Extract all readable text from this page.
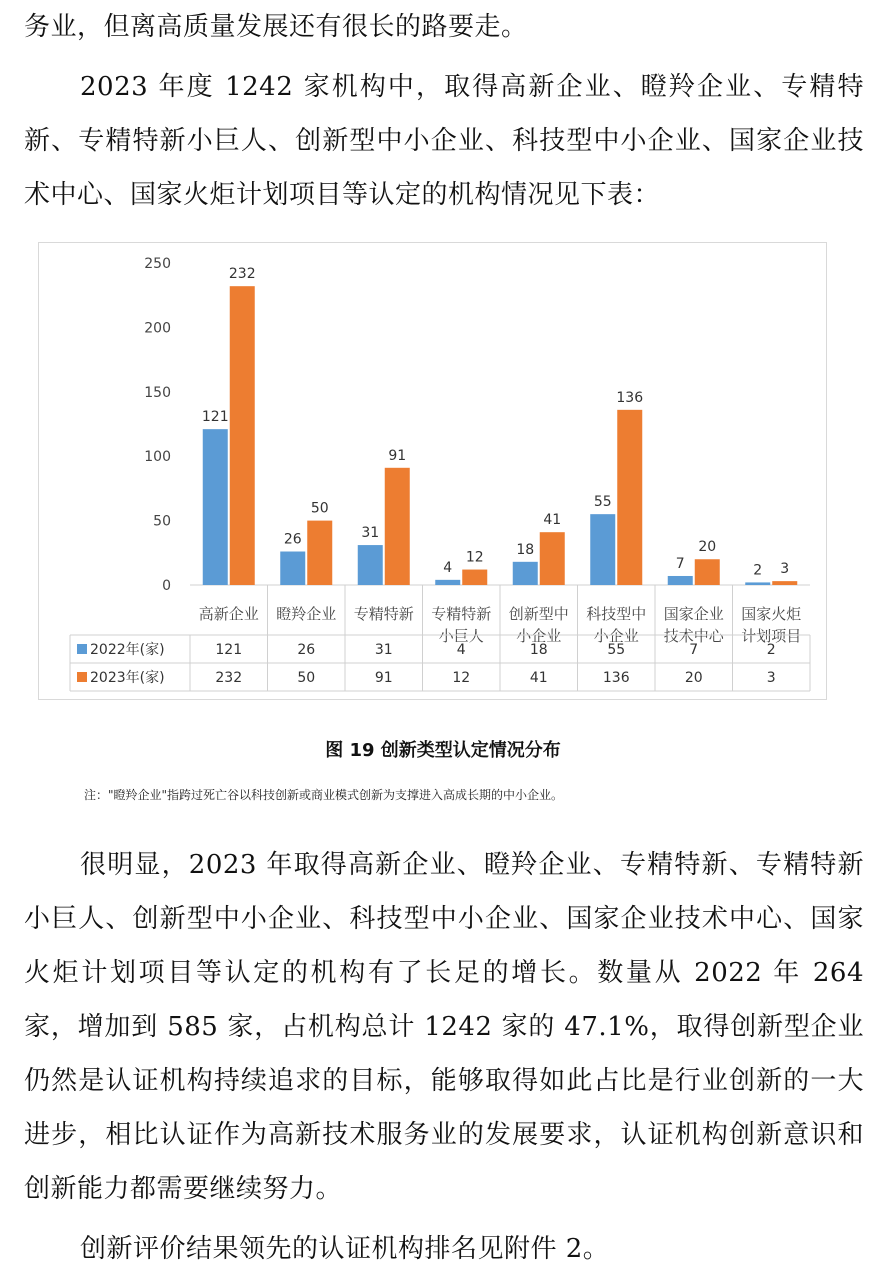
务业，但离高质量发展还有很长的路要走。

2023 年度 1242 家机构中，取得高新企业、瞪羚企业、专精特新、专精特新小巨人、创新型中小企业、科技型中小企业、国家企业技术中心、国家火炬计划项目等认定的机构情况见下表：

0
50
100
150
200
250
121
26	31
4
18
55
7	2
232
50
91
12
41
136
20
3
高新企业 瞪羚企业 专精特新 专精特新
小巨人
创新型中
小企业
科技型中
小企业
国家企业
技术中心
国家火炬
计划项目
2022年(家)	121	26	31	4	18	55	7	2
2023年(家)	232	50	91	12	41	136	20	3
图 19 创新类型认定情况分布
注："瞪羚企业"指跨过死亡谷以科技创新或商业模式创新为支撑进入高成长期的中小企业。

很明显，2023 年取得高新企业、瞪羚企业、专精特新、专精特新小巨人、创新型中小企业、科技型中小企业、国家企业技术中心、国家火炬计划项目等认定的机构有了长足的增长。数量从 2022 年 264 家，增加到 585 家，占机构总计 1242 家的 47.1%，取得创新型企业仍然是认证机构持续追求的目标，能够取得如此占比是行业创新的一大进步，相比认证作为高新技术服务业的发展要求，认证机构创新意识和创新能力都需要继续努力。

创新评价结果领先的认证机构排名见附件 2。
